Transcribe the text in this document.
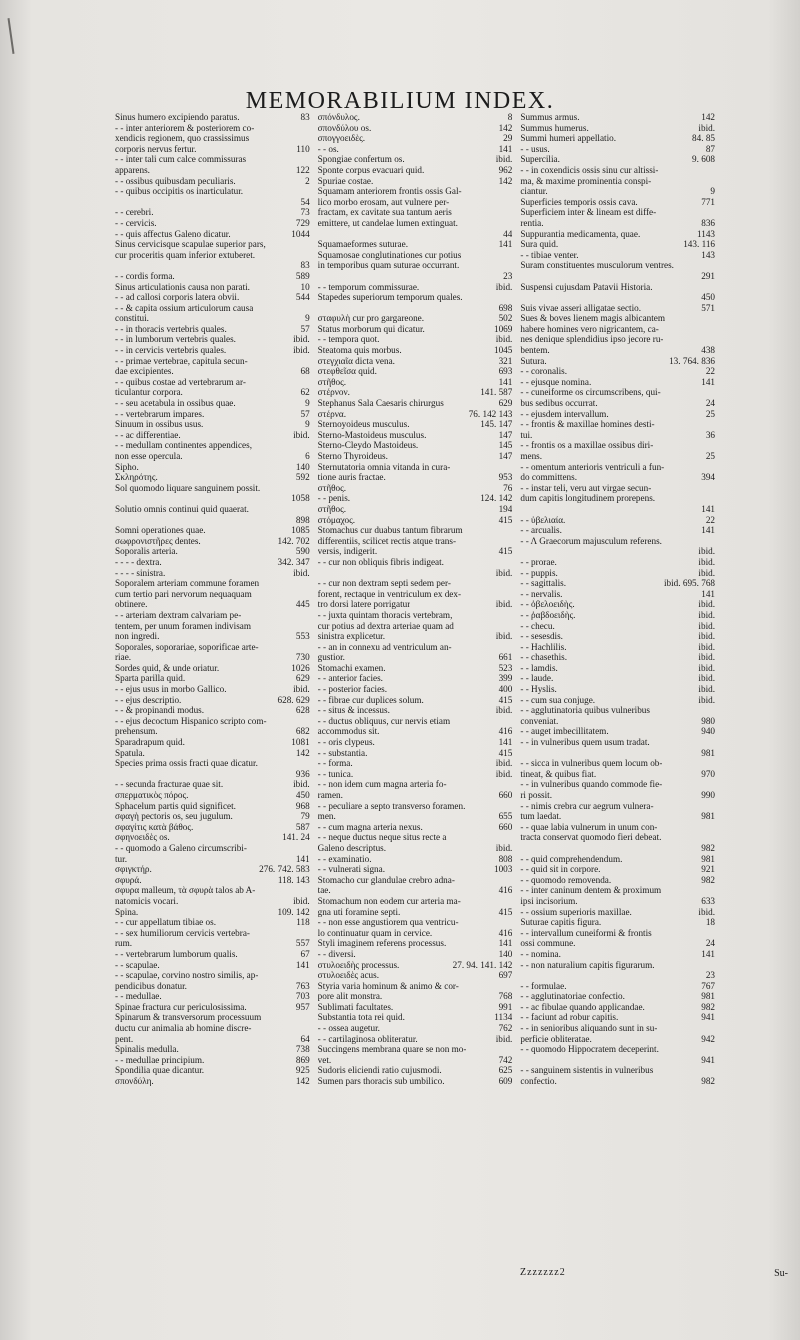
MEMORABILIUM INDEX.
Sinus humero excipiendo paratus.	83
- - inter anteriorem & posteriorem co-
xendicis regionem, quo crassissimus
corporis nervus fertur.	110
- - inter tali cum calce commissuras
apparens.	122
- - ossibus quibusdam peculiaris.	2
- - quibus occipitis os inarticulatur.
54
- - cerebri.	73
- - cervicis.	729
- - quis affectus Galeno dicatur.	1044
Sinus cervicisque scapulae superior pars,
cur proceritis quam inferior extuberet.
83
- - cordis forma.	589
Sinus articulationis causa non parati.	10
- - ad callosi corporis latera obvii.	544
- - & capita ossium articulorum causa
constitui.	9
- - in thoracis vertebris quales.	57
- - in lumborum vertebris quales.	ibid.
- - in cervicis vertebris quales.	ibid.
- - primae vertebrae, capitula secun-
dae excipientes.	68
- - quibus costae ad vertebrarum ar-
ticulantur corpora.	62
- - seu acetabula in ossibus quae.	9
- - vertebrarum impares.	57
Sinuum in ossibus usus.	9
- - ac differentiae.	ibid.
- - medullam continentes appendices,
non esse opercula.	6
Sipho.	140
Σκληρότης.	592
Sol quomodo liquare sanguinem possit.
1058
Solutio omnis continui quid quaerat.
898
Somni operationes quae.	1085
σωφρονιστῆρες dentes.	142. 702
Soporalis arteria.	590
- - - - dextra.	342. 347
- - - - sinistra.	ibid.
Soporalem arteriam commune foramen
cum tertio pari nervorum nequaquam
obtinere.	445
- - arteriam dextram calvariam pe-
tentem, per unum foramen indivisam
non ingredi.	553
Soporales, soporariae, soporificae arte-
riae.	730
Sordes quid, & unde oriatur.	1026
Sparta parilla quid.	629
- - ejus usus in morbo Gallico.	ibid.
- - ejus descriptio.	628. 629
- - & propinandi modus.	628
- - ejus decoctum Hispanico scripto com-
prehensum.	682
Sparadrapum quid.	1081
Spatula.	142
Species prima ossis fracti quae dicatur.
936
- - secunda fracturae quae sit.	ibid.
σπερματικὸς πόρος.	450
Sphacelum partis quid significet.	968
σφαγὴ pectoris os, seu jugulum.	79
σφαγίτις κατὰ βάθος.	587
σφηνοειδὲς os.	141. 24
- - quomodo a Galeno circumscribi-
tur.	141
σφιγκτήρ.	276. 742. 583
σφυρά.	118. 143
σφυρα malleum, τὰ σφυρὰ talos ab A-
natomicis vocari.	ibid.
Spina.	109. 142
- - cur appellatum tibiae os.	118
- - sex humiliorum cervicis vertebra-
rum.	557
- - vertebrarum lumborum qualis.	67
- - scapulae.	141
- - scapulae, corvino nostro similis, ap-
pendicibus donatur.	763
- - medullae.	703
Spinae fractura cur periculosissima.	957
Spinarum & transversorum processuum
ductu cur animalia ab homine discre-
pent.	64
Spinalis medulla.	738
- - medullae principium.	869
Spondilia quae dicantur.	925
σπονδύλη.	142
σπόνδυλος.	8
σπονδύλου os.	142
σπογγοειδὲς.	29
- - os.	141
Spongiae confertum os.	ibid.
Sponte corpus evacuari quid.	962
Spuriae costae.	142
Squamam anteriorem frontis ossis Gal-
lico morbo erosam, aut vulnere per-
fractam, ex cavitate sua tantum aeris
emittere, ut candelae lumen extinguat.
44
Squamaeformes suturae.	141
Squamosae conglutinationes cur potius
in temporibus quam suturae occurrant.
23
- - temporum commissurae.	ibid.
Stapedes superiorum temporum quales.
698
σταφυλὴ cur pro gargareone.	502
Status morborum qui dicatur.	1069
- - tempora quot.	ibid.
Steatoma quis morbus.	1045
στεγχιαῖα dicta vena.	321
στεφθεῖσα quid.	693
στῆθος.	141
στέρνον.	141. 587
Stephanus Sala Caesaris chirurgus	629
στέρνα.	76. 142 143
Sternoyoideus musculus.	145. 147
Sterno-Mastoideus musculus.	147
Sterno-Cleydo Mastoideus.	145
Sterno Thyroideus.	147
Sternutatoria omnia vitanda in cura-
tione auris fractae.	953
στῆθος.	76
- - penis.	124. 142
στῆθος.	194
στόμαχος.	415
Stomachus cur duabus tantum fibrarum
differentiis, scilicet rectis atque trans-
versis, indigerit.	415
- - cur non obliquis fibris indigeat.
ibid.
- - cur non dextram septi sedem per-
forent, rectaque in ventriculum ex dex-
tro dorsi latere porrigatur	ibid.
- - juxta quintam thoracis vertebram,
cur potius ad dextra arteriae quam ad
sinistra explicetur.	ibid.
- - an in connexu ad ventriculum an-
gustior.	661
Stomachi examen.	523
- - anterior facies.	399
- - posterior facies.	400
- - fibrae cur duplices solum.	415
- - situs & incessus.	ibid.
- - ductus obliquus, cur nervis etiam
accommodus sit.	416
- - oris clypeus.	141
- - substantia.	415
- - forma.	ibid.
- - tunica.	ibid.
- - non idem cum magna arteria fo-
ramen.	660
- - peculiare a septo transverso foramen.
men.	655
- - cum magna arteria nexus.	660
- - neque ductus neque situs recte a
Galeno descriptus.	ibid.
- - examinatio.	808
- - vulnerati signa.	1003
Stomacho cur glandulae crebro adna-
tae.	416
Stomachum non eodem cur arteria ma-
gna uti foramine septi.	415
- - non esse angustiorem qua ventricu-
lo continuatur quam in cervice.	416
Styli imaginem referens processus.	141
- - diversi.	140
στυλοειδὴς processus.	27. 94. 141. 142
στυλοειδὲς acus.	697
Styria varia hominum & animo & cor-
pore alit monstra.	768
Sublimati facultates.	991
Substantia tota rei quid.	1134
- - ossea augetur.	762
- - cartilaginosa obliteratur.	ibid.
Succingens membrana quare se non mo-
vet.	742
Sudoris eliciendi ratio cujusmodi.	625
Sumen pars thoracis sub umbilico.	609
Summus armus.	142
Summus humerus.	ibid.
Summi humeri appellatio.	84. 85
- - usus.	87
Supercilia.	9. 608
- - in coxendicis ossis sinu cur altissi-
ma, & maxime prominentia conspi-
ciantur.	9
Superficies temporis ossis cava.	771
Superficiem inter & lineam est diffe-
rentia.	836
Suppurantia medicamenta, quae.	1143
Sura quid.	143. 116
- - tibiae venter.	143
Suram constituentes musculorum ventres.
291
Suspensi cujusdam Patavii Historia.
450
Suis vivae asseri alligatae sectio.	571
Sues & boves lienem magis albicantem
habere homines vero nigricantem, ca-
nes denique splendidius ipso jecore ru-
bentem.	438
Sutura.	13. 764. 836
- - coronalis.	22
- - ejusque nomina.	141
- - cuneiforme os circumscribens, qui-
bus sedibus occurrat.	24
- - ejusdem intervallum.	25
- - frontis & maxillae homines desti-
tui.	36
- - frontis os a maxillae ossibus diri-
mens.	25
- - omentum anterioris ventriculi a fun-
do committens.	394
- - instar teli, veru aut virgae secun-
dum capitis longitudinem prorepens.
141
- - ὑβελιαία.	22
- - arcualis.	141
- - Λ Graecorum majusculum referens.
ibid.
- - prorae.	ibid.
- - puppis.	ibid.
- - sagittalis.	ibid. 695. 768
- - nervalis.	141
- - ὀβελοειδὴς.	ibid.
- - ῥαβδοειδὴς.	ibid.
- - checu.	ibid.
- - sesesdis.	ibid.
- - Hachlilis.	ibid.
- - chasethis.	ibid.
- - lamdis.	ibid.
- - laude.	ibid.
- - Hyslis.	ibid.
- - cum sua conjuge.	ibid.
- - agglutinatoria quibus vulneribus
conveniat.	980
- - auget imbecillitatem.	940
- - in vulneribus quem usum tradat.
981
- - sicca in vulneribus quem locum ob-
tineat, & quibus fiat.	970
- - in vulneribus quando commode fie-
ri possit.	990
- - nimis crebra cur aegrum vulnera-
tum laedat.	981
- - quae labia vulnerum in unum con-
tracta conservat quomodo fieri debeat.
982
- - quid comprehendendum.	981
- - quid sit in corpore.	921
- - quomodo removenda.	982
- - inter caninum dentem & proximum
ipsi incisorium.	633
- - ossium superioris maxillae.	ibid.
Suturae capitis figura.	18
- - intervallum cuneiformi & frontis
ossi commune.	24
- - nomina.	141
- - non naturalium capitis figurarum.
23
- - formulae.	767
- - agglutinatoriae confectio.	981
- - ac fibulae quando applicandae.	982
- - faciunt ad robur capitis.	941
- - in senioribus aliquando sunt in su-
perficie obliteratae.	942
- - quomodo Hippocratem deceperint.
941
- - sanguinem sistentis in vulneribus
confectio.	982
Zzzzzzz2	Su-
